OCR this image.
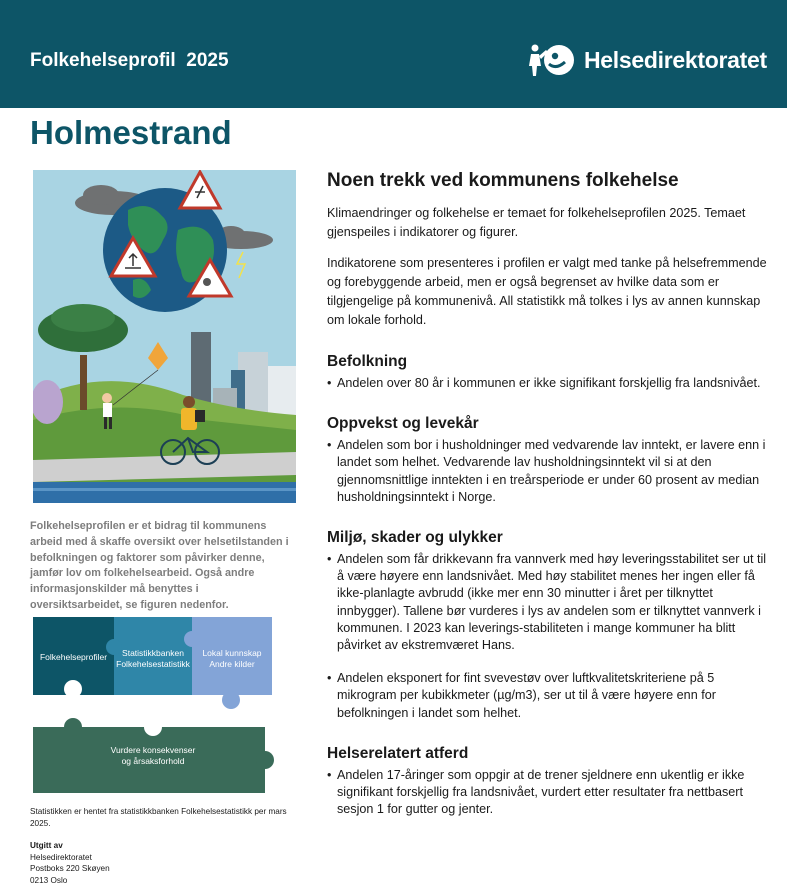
Folkehelseprofil  2025	Helsedirektoratet
Holmestrand
Folkehelseprofilen er et bidrag til kommunens arbeid med å skaffe oversikt over helsetilstanden i befolkningen og faktorer som påvirker denne, jamfør lov om folkehelsearbeid. Også andre informasjonskilder må benyttes i oversiktsarbeidet, se figuren nedenfor.
Folkehelseprofiler	Statistikkbanken
Folkehelsestatistikk
Lokal kunnskap
Andre kilder
Vurdere konsekvenser
og årsaksforhold
Statistikken er hentet fra statistikkbanken Folkehelsestatistikk per mars 2025.
Utgitt av
Helsedirektoratet
Postboks 220 Skøyen
0213 Oslo
Noen trekk ved kommunens folkehelse

Klimaendringer og folkehelse er temaet for folkehelseprofilen 2025. Temaet gjenspeiles i indikatorer og figurer.

Indikatorene som presenteres i profilen er valgt med tanke på helsefremmende og forebyggende arbeid, men er også begrenset av hvilke data som er tilgjengelige på kommunenivå. All statistikk må tolkes i lys av annen kunnskap om lokale forhold.

Befolkning
• Andelen over 80 år i kommunen er ikke signifikant forskjellig fra landsnivået.
Oppvekst og levekår
• Andelen som bor i husholdninger med vedvarende lav inntekt, er lavere enn i landet som helhet. Vedvarende lav husholdningsinntekt vil si at den gjennomsnittlige inntekten i en treårsperiode er under 60 prosent av median husholdningsinntekt i Norge.
Miljø, skader og ulykker
• Andelen som får drikkevann fra vannverk med høy leveringsstabilitet ser ut til å være høyere enn landsnivået. Med høy stabilitet menes her ingen eller få ikke-planlagte avbrudd (ikke mer enn 30 minutter i året per tilknyttet innbygger). Tallene bør vurderes i lys av andelen som er tilknyttet vannverk i kommunen. I 2023 kan leverings-stabiliteten i mange kommuner ha blitt påvirket av ekstremværet Hans.
• Andelen eksponert for fint svevestøv over luftkvalitetskriteriene på 5 mikrogram per kubikkmeter (µg/m3), ser ut til å være høyere enn for befolkningen i landet som helhet.
Helserelatert atferd
• Andelen 17-åringer som oppgir at de trener sjeldnere enn ukentlig er ikke signifikant forskjellig fra landsnivået, vurdert etter resultater fra nettbasert sesjon 1 for gutter og jenter.
